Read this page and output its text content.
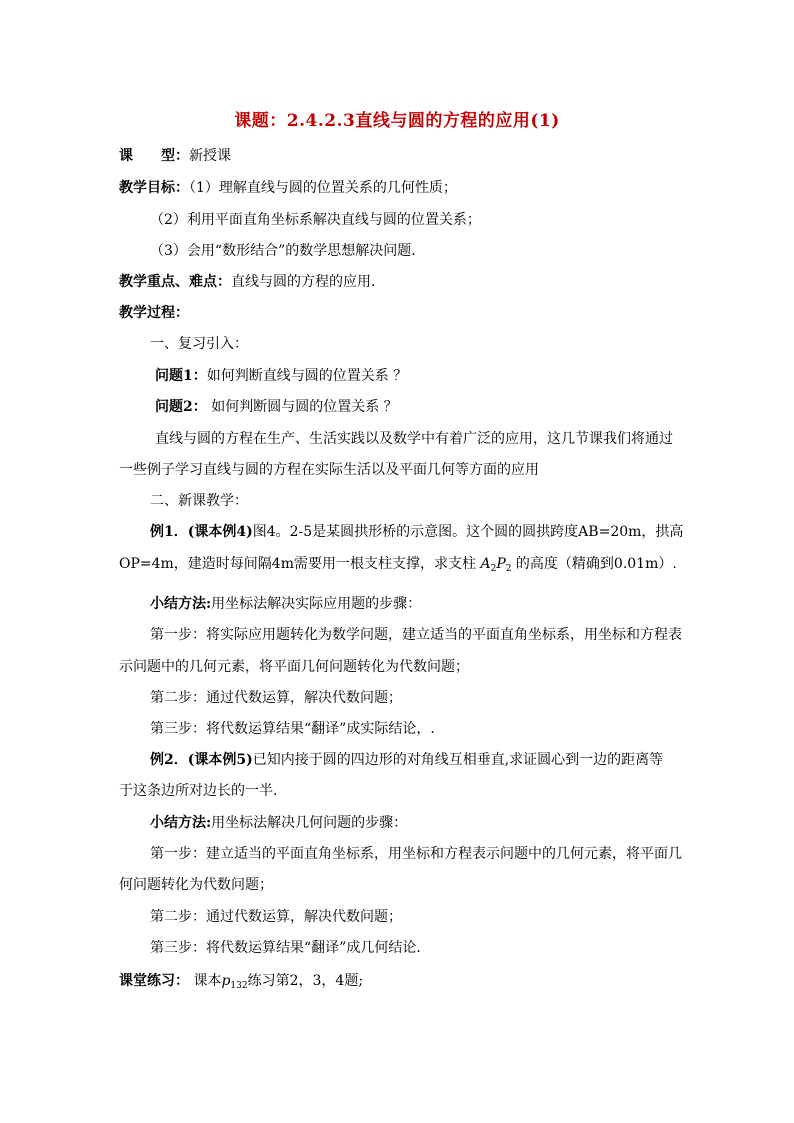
课题：2.4.2.3直线与圆的方程的应用(1)
课　　型：新授课
教学目标：（1）理解直线与圆的位置关系的几何性质；
（2）利用平面直角坐标系解决直线与圆的位置关系；
（3）会用“数形结合”的数学思想解决问题．
教学重点、难点：直线与圆的方程的应用．
教学过程：
一、复习引入：
问题1：如何判断直线与圆的位置关系 ？
问题2： 如何判断圆与圆的位置关系 ？
直线与圆的方程在生产、生活实践以及数学中有着广泛的应用，这几节课我们将通过
一些例子学习直线与圆的方程在实际生活以及平面几何等方面的应用
二、新课教学：
例1．(课本例4)图4。2-5是某圆拱形桥的示意图。这个圆的圆拱跨度AB=20m，拱高
OP=4m，建造时每间隔4m需要用一根支柱支撑，求支柱 $A_2P_2$ 的高度（精确到0.01m）.
小结方法:用坐标法解决实际应用题的步骤：
第一步：将实际应用题转化为数学问题，建立适当的平面直角坐标系，用坐标和方程表
示问题中的几何元素，将平面几何问题转化为代数问题；
第二步：通过代数运算，解决代数问题；
第三步：将代数运算结果“翻译”成实际结论，.
例2．(课本例5)已知内接于圆的四边形的对角线互相垂直,求证圆心到一边的距离等
于这条边所对边长的一半.
小结方法:用坐标法解决几何问题的步骤：
第一步：建立适当的平面直角坐标系，用坐标和方程表示问题中的几何元素，将平面几
何问题转化为代数问题；
第二步：通过代数运算，解决代数问题；
第三步：将代数运算结果“翻译”成几何结论．
课堂练习： 课本$p_{132}$练习第2，3，4题;
